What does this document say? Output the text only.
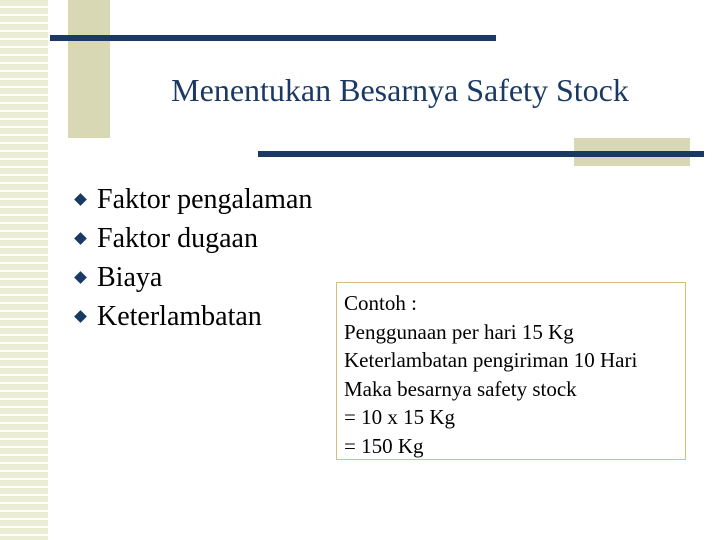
Menentukan Besarnya Safety Stock
Faktor pengalaman
Faktor dugaan
Biaya
Keterlambatan	Contoh :
Penggunaan per hari 15 Kg
Keterlambatan pengiriman 10 Hari
Maka besarnya safety stock
= 10 x 15 Kg
= 150 Kg
